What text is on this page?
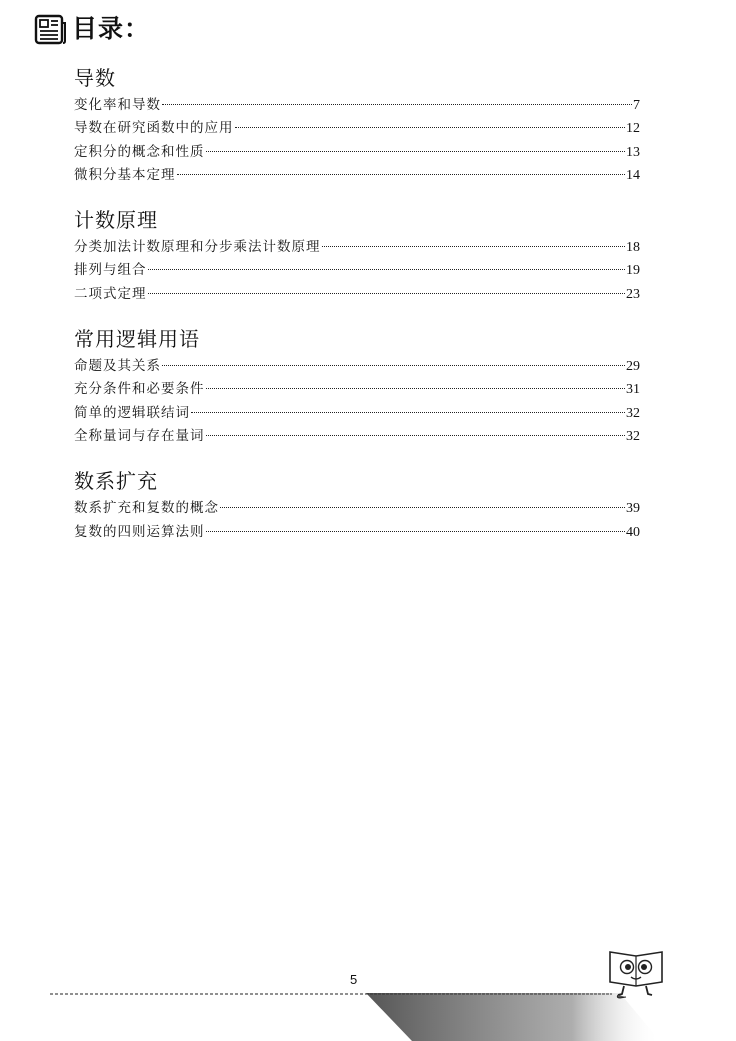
目录：
导数
变化率和导数	7
导数在研究函数中的应用	12
定积分的概念和性质	13
微积分基本定理	14
计数原理
分类加法计数原理和分步乘法计数原理	18
排列与组合	19
二项式定理	23
常用逻辑用语
命题及其关系	29
充分条件和必要条件	31
简单的逻辑联结词	32
全称量词与存在量词	32
数系扩充
数系扩充和复数的概念	39
复数的四则运算法则	40
5
